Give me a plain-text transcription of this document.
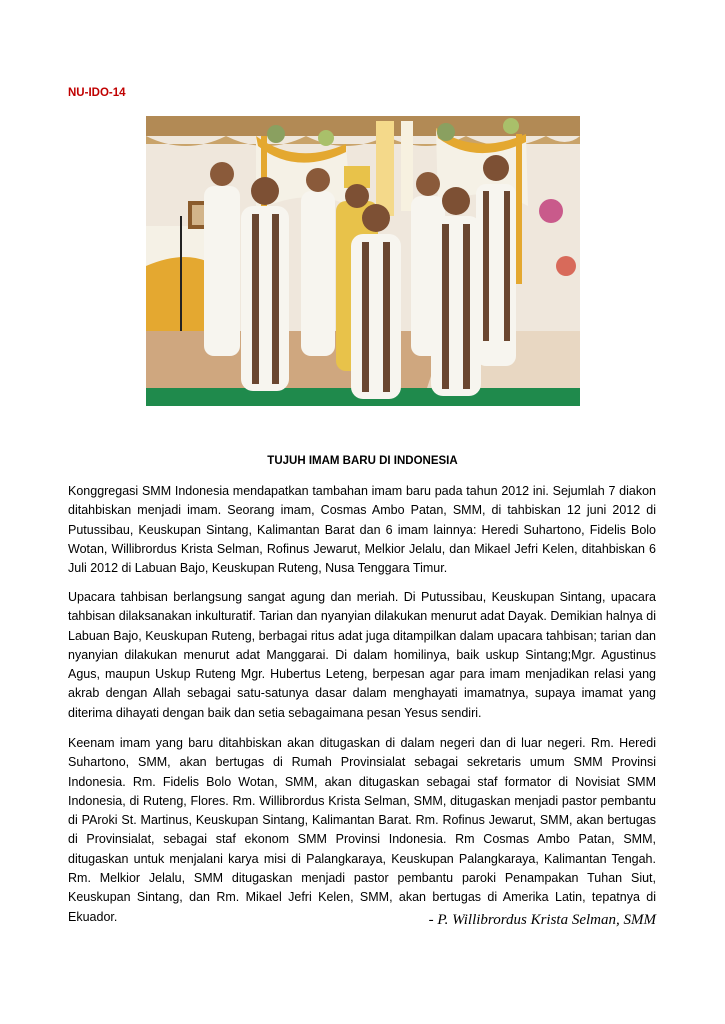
NU-IDO-14
TUJUH IMAM BARU DI INDONESIA

Konggregasi SMM Indonesia mendapatkan tambahan imam baru pada tahun 2012 ini. Sejumlah 7 diakon ditahbiskan menjadi imam. Seorang imam, Cosmas Ambo Patan, SMM, di tahbiskan 12 juni 2012 di Putussibau, Keuskupan Sintang, Kalimantan Barat dan 6 imam lainnya: Heredi Suhartono, Fidelis Bolo Wotan, Willibrordus Krista Selman, Rofinus Jewarut, Melkior Jelalu, dan Mikael Jefri Kelen, ditahbiskan 6 Juli 2012 di Labuan Bajo, Keuskupan Ruteng, Nusa Tenggara Timur.

Upacara tahbisan berlangsung sangat agung dan meriah. Di Putussibau, Keuskupan Sintang, upacara tahbisan dilaksanakan inkulturatif. Tarian dan nyanyian dilakukan menurut adat Dayak. Demikian halnya di Labuan Bajo, Keuskupan Ruteng, berbagai ritus adat juga ditampilkan dalam upacara tahbisan; tarian dan nyanyian dilakukan menurut adat Manggarai. Di dalam homilinya, baik uskup Sintang;Mgr. Agustinus Agus, maupun Uskup Ruteng Mgr. Hubertus Leteng, berpesan agar para imam menjadikan relasi yang akrab dengan Allah sebagai satu-satunya dasar dalam menghayati imamatnya, supaya imamat yang diterima dihayati dengan baik dan setia sebagaimana pesan Yesus sendiri.

Keenam imam yang baru ditahbiskan akan ditugaskan di dalam negeri dan di luar negeri. Rm. Heredi Suhartono, SMM, akan bertugas di Rumah Provinsialat sebagai sekretaris umum SMM Provinsi Indonesia. Rm. Fidelis Bolo Wotan, SMM, akan ditugaskan sebagai staf formator di Novisiat SMM Indonesia, di Ruteng, Flores. Rm. Willibrordus Krista Selman, SMM, ditugaskan menjadi pastor pembantu di PAroki St. Martinus, Keuskupan Sintang, Kalimantan Barat. Rm. Rofinus Jewarut, SMM, akan bertugas di Provinsialat, sebagai staf ekonom SMM Provinsi Indonesia. Rm Cosmas Ambo Patan, SMM, ditugaskan untuk menjalani karya misi di Palangkaraya, Keuskupan Palangkaraya, Kalimantan Tengah. Rm. Melkior Jelalu, SMM ditugaskan menjadi pastor pembantu paroki Penampakan Tuhan Siut, Keuskupan Sintang, dan Rm. Mikael Jefri Kelen, SMM, akan bertugas di Amerika Latin, tepatnya di Ekuador.	- P. Willibrordus Krista Selman, SMM
